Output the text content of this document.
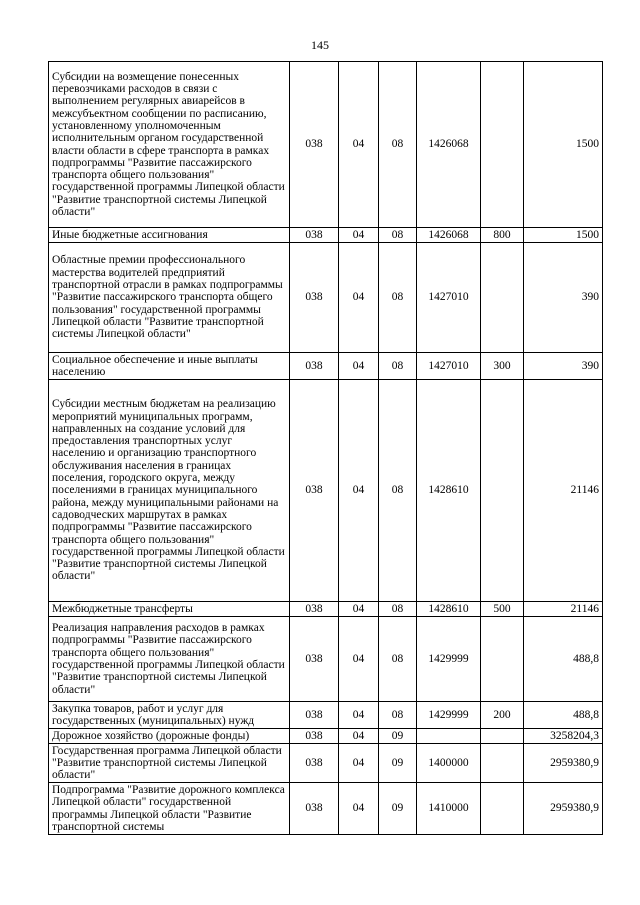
145
Субсидии на возмещение понесенных перевозчиками расходов в связи с выполнением регулярных авиарейсов в межсубъектном сообщении по расписанию, установленному уполномоченным исполнительным органом государственной власти области в сфере транспорта в рамках подпрограммы "Развитие пассажирского транспорта общего пользования" государственной программы Липецкой области "Развитие транспортной системы Липецкой области"	038	04	08	1426068		1500
Иные бюджетные ассигнования	038	04	08	1426068	800	1500
Областные премии профессионального мастерства водителей предприятий транспортной отрасли в рамках подпрограммы "Развитие пассажирского транспорта общего пользования" государственной программы Липецкой области "Развитие транспортной системы Липецкой области"	038	04	08	1427010		390
Социальное обеспечение и иные выплаты населению	038	04	08	1427010	300	390
Субсидии местным бюджетам на реализацию мероприятий муниципальных программ, направленных на создание условий для предоставления транспортных услуг населению и организацию транспортного обслуживания населения в границах поселения, городского округа, между поселениями в границах муниципального района, между муниципальными районами на садоводческих маршрутах в рамках подпрограммы "Развитие пассажирского транспорта общего пользования" государственной программы Липецкой области "Развитие транспортной системы Липецкой области"	038	04	08	1428610		21146
Межбюджетные трансферты	038	04	08	1428610	500	21146
Реализация направления расходов в рамках подпрограммы "Развитие пассажирского транспорта общего пользования" государственной программы Липецкой области "Развитие транспортной системы Липецкой области"	038	04	08	1429999		488,8
Закупка товаров, работ и услуг для государственных (муниципальных) нужд	038	04	08	1429999	200	488,8
Дорожное хозяйство (дорожные фонды)	038	04	09			3258204,3
Государственная программа Липецкой области "Развитие транспортной системы Липецкой области"	038	04	09	1400000		2959380,9
Подпрограмма "Развитие дорожного комплекса Липецкой области" государственной программы Липецкой области "Развитие транспортной системы	038	04	09	1410000		2959380,9
